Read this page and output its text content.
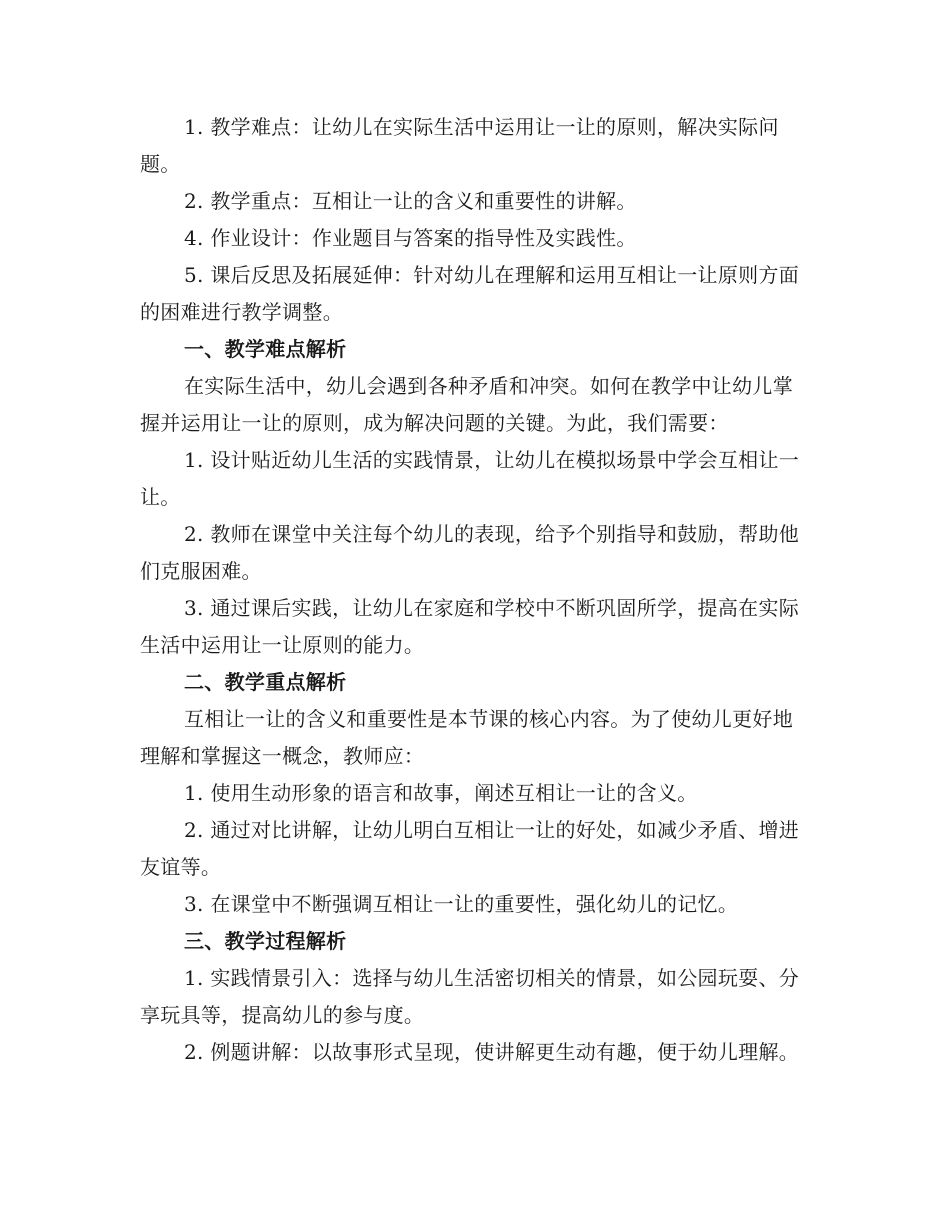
1. 教学难点：让幼儿在实际生活中运用让一让的原则，解决实际问题。

2. 教学重点：互相让一让的含义和重要性的讲解。

4. 作业设计：作业题目与答案的指导性及实践性。

5. 课后反思及拓展延伸：针对幼儿在理解和运用互相让一让原则方面的困难进行教学调整。

一、教学难点解析

在实际生活中，幼儿会遇到各种矛盾和冲突。如何在教学中让幼儿掌握并运用让一让的原则，成为解决问题的关键。为此，我们需要：

1. 设计贴近幼儿生活的实践情景，让幼儿在模拟场景中学会互相让一让。

2. 教师在课堂中关注每个幼儿的表现，给予个别指导和鼓励，帮助他们克服困难。

3. 通过课后实践，让幼儿在家庭和学校中不断巩固所学，提高在实际生活中运用让一让原则的能力。

二、教学重点解析

互相让一让的含义和重要性是本节课的核心内容。为了使幼儿更好地理解和掌握这一概念，教师应：

1. 使用生动形象的语言和故事，阐述互相让一让的含义。

2. 通过对比讲解，让幼儿明白互相让一让的好处，如减少矛盾、增进友谊等。

3. 在课堂中不断强调互相让一让的重要性，强化幼儿的记忆。

三、教学过程解析

1. 实践情景引入：选择与幼儿生活密切相关的情景，如公园玩耍、分享玩具等，提高幼儿的参与度。

2. 例题讲解：以故事形式呈现，使讲解更生动有趣，便于幼儿理解。
